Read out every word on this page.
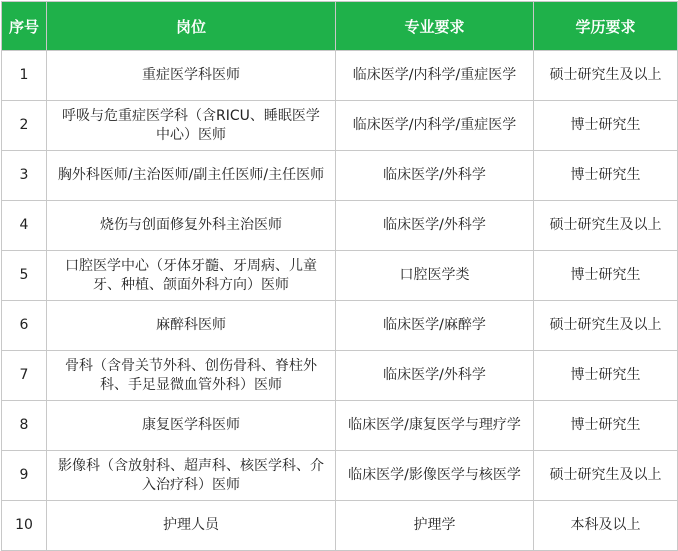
序号	岗位	专业要求	学历要求
1	重症医学科医师	临床医学/内科学/重症医学	硕士研究生及以上
2	呼吸与危重症医学科（含RICU、睡眠医学中心）医师	临床医学/内科学/重症医学	博士研究生
3	胸外科医师/主治医师/副主任医师/主任医师	临床医学/外科学	博士研究生
4	烧伤与创面修复外科主治医师	临床医学/外科学	硕士研究生及以上
5	口腔医学中心（牙体牙髓、牙周病、儿童牙、种植、颌面外科方向）医师	口腔医学类	博士研究生
6	麻醉科医师	临床医学/麻醉学	硕士研究生及以上
7	骨科（含骨关节外科、创伤骨科、脊柱外科、手足显微血管外科）医师	临床医学/外科学	博士研究生
8	康复医学科医师	临床医学/康复医学与理疗学	博士研究生
9	影像科（含放射科、超声科、核医学科、介入治疗科）医师	临床医学/影像医学与核医学	硕士研究生及以上
10	护理人员	护理学	本科及以上
